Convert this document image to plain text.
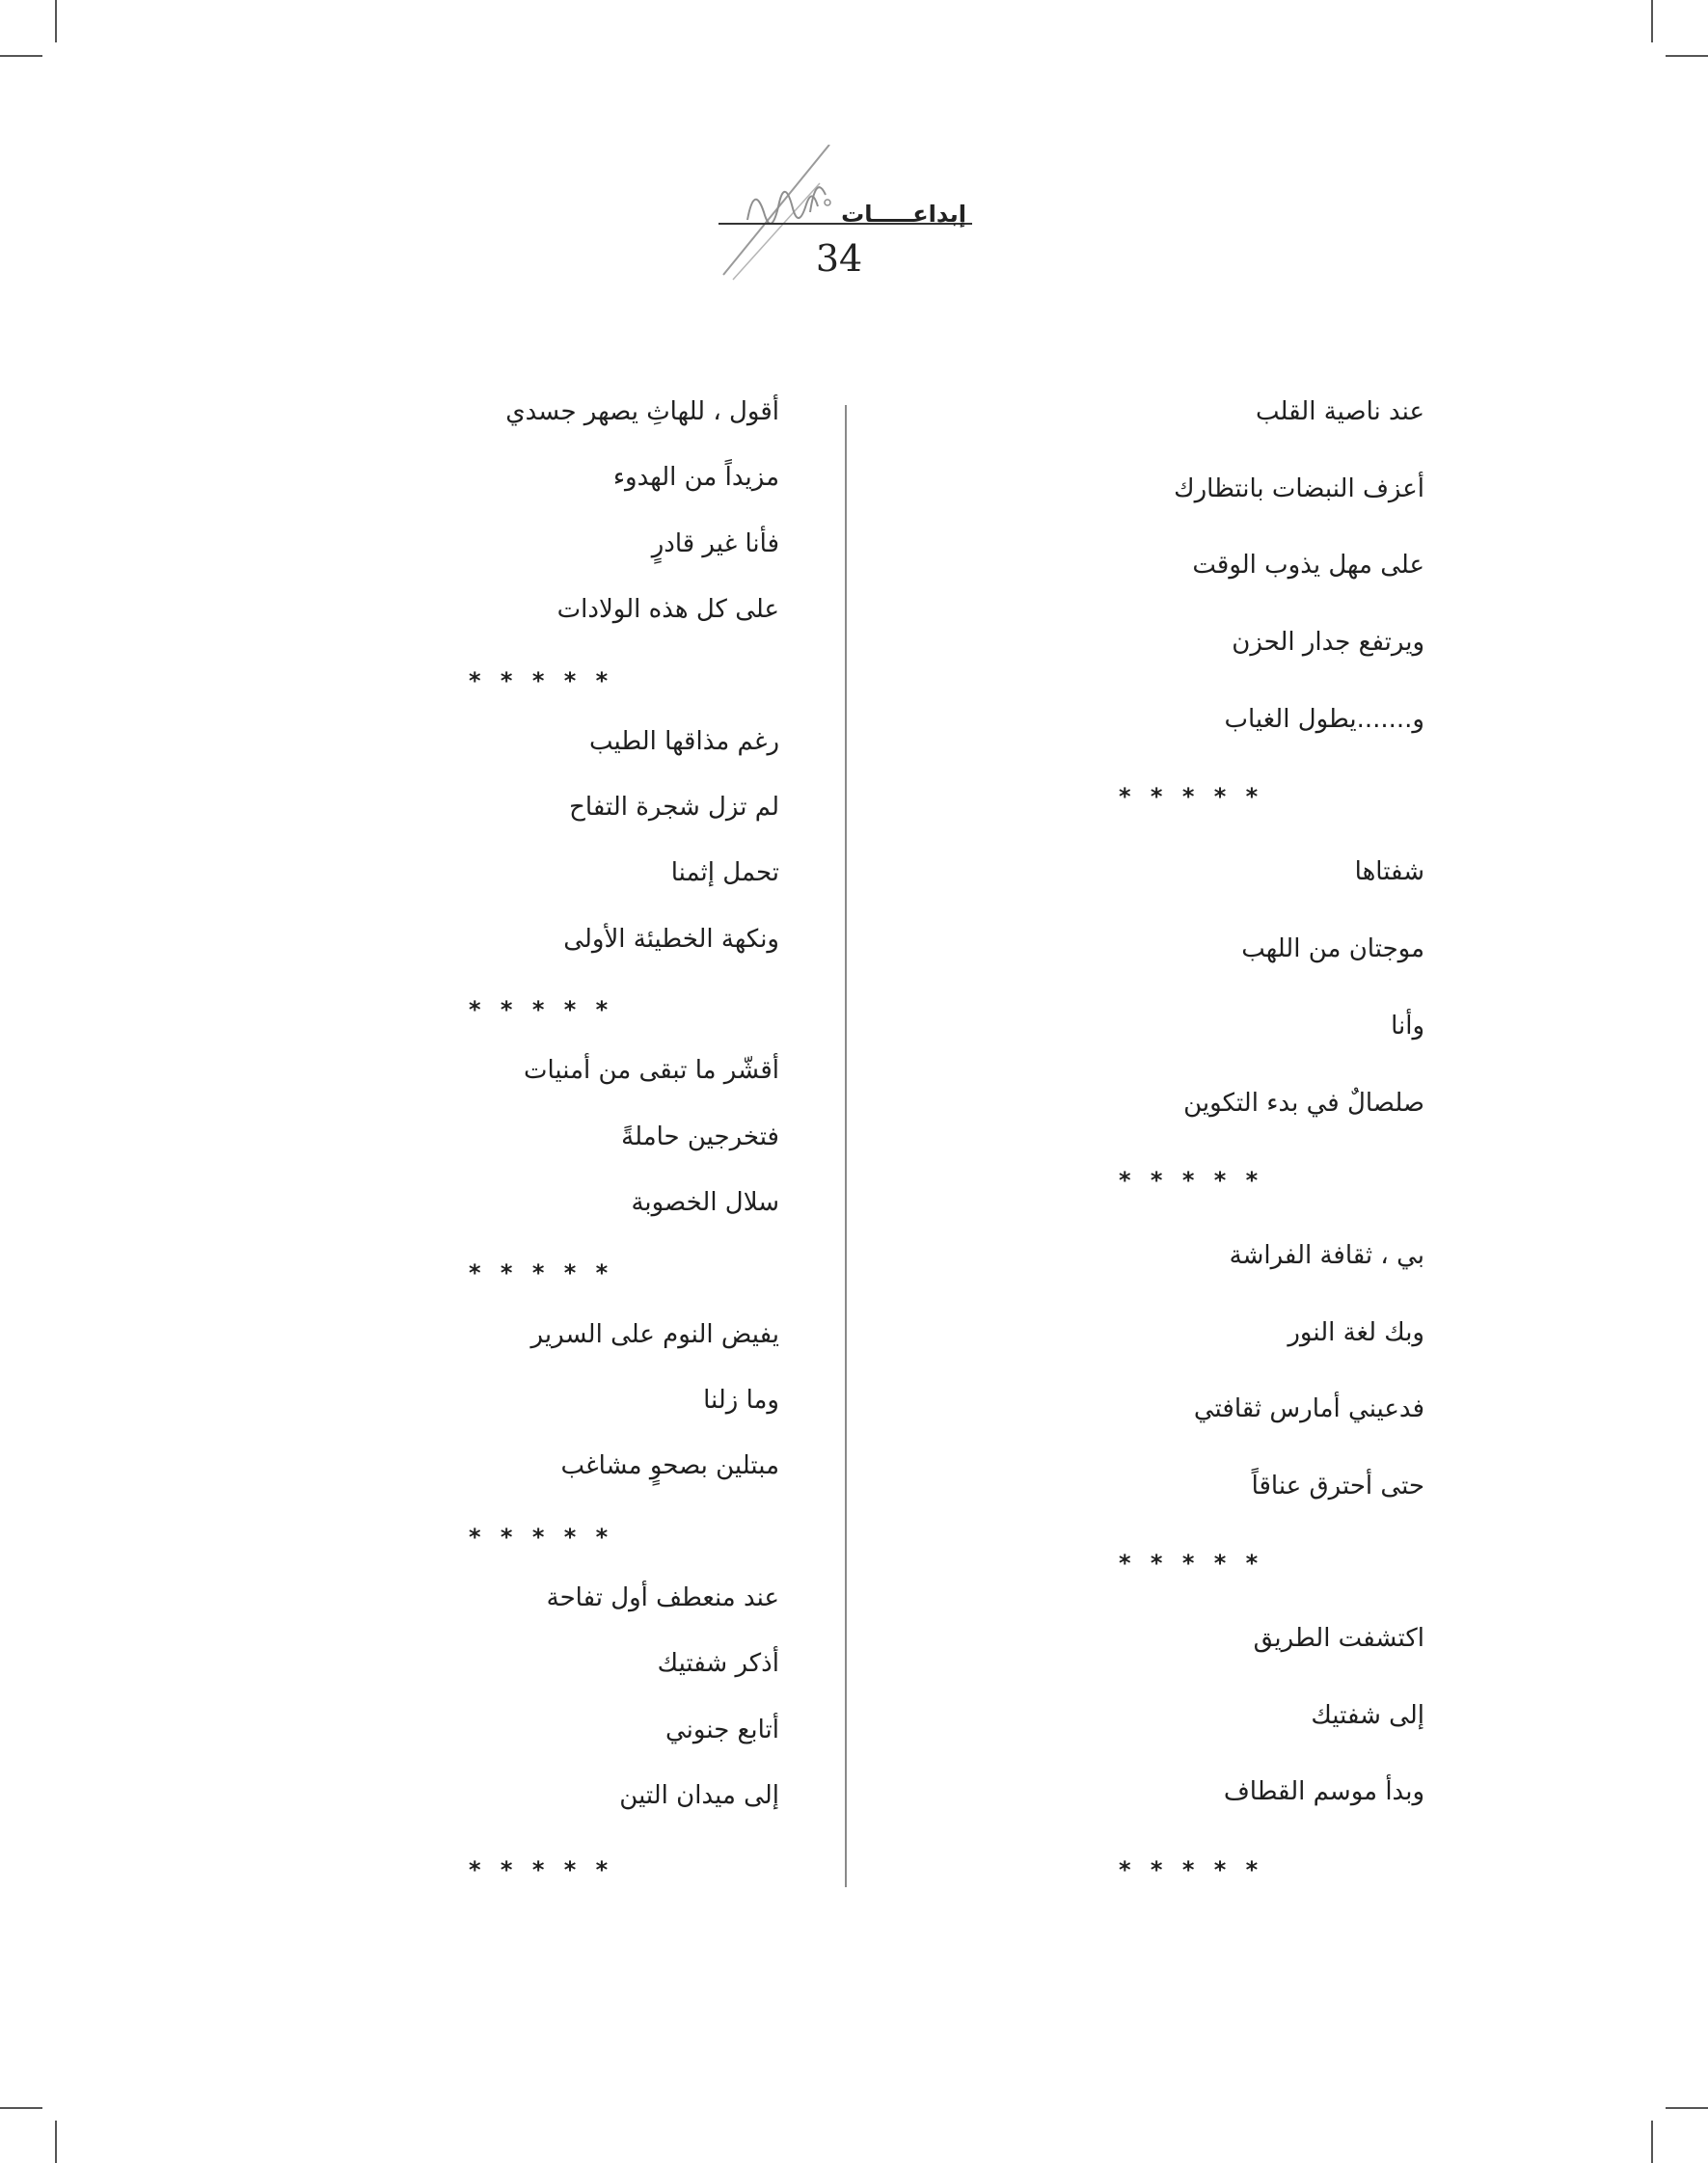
إبداعـــــات
34
عند ناصية القلب
أعزف النبضات بانتظارك
على مهل يذوب الوقت
ويرتفع جدار الحزن
و.......يطول الغياب
* * * * *
شفتاها
موجتان من اللهب
وأنا
صلصالٌ في بدء التكوين
* * * * *
بي ، ثقافة الفراشة
وبك لغة النور
فدعيني أمارس ثقافتي
حتى أحترق عناقاً
* * * * *
اكتشفت الطريق
إلى شفتيك
وبدأ موسم القطاف
* * * * *
أقول ، للهاثِ يصهر جسدي
مزيداً من الهدوء
فأنا غير قادرٍ
على كل هذه الولادات
* * * * *
رغم مذاقها الطيب
لم تزل شجرة التفاح
تحمل إثمنا
ونكهة الخطيئة الأولى
* * * * *
أقشّر ما تبقى من أمنيات
فتخرجين حاملةً
سلال الخصوبة
* * * * *
يفيض النوم على السرير
وما زلنا
مبتلين بصحوٍ مشاغب
* * * * *
عند منعطف أول تفاحة
أذكر شفتيك
أتابع جنوني
إلى ميدان التين
* * * * *
